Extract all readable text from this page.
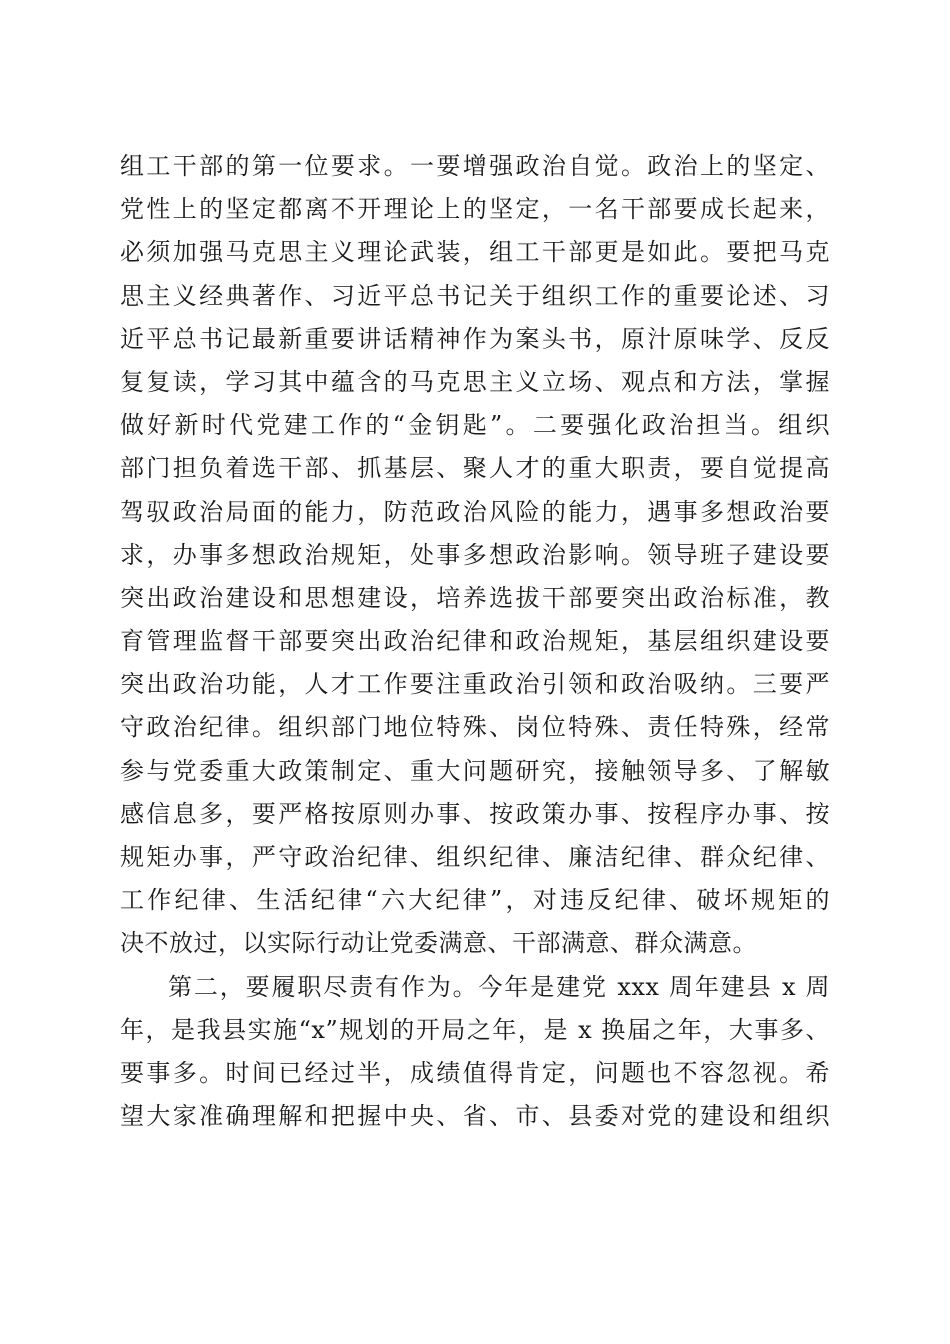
组工干部的第一位要求。一要增强政治自觉。政治上的坚定、
党性上的坚定都离不开理论上的坚定，一名干部要成长起来，
必须加强马克思主义理论武装，组工干部更是如此。要把马克
思主义经典著作、习近平总书记关于组织工作的重要论述、习
近平总书记最新重要讲话精神作为案头书，原汁原味学、反反
复复读，学习其中蕴含的马克思主义立场、观点和方法，掌握
做好新时代党建工作的“金钥匙”。二要强化政治担当。组织
部门担负着选干部、抓基层、聚人才的重大职责，要自觉提高
驾驭政治局面的能力，防范政治风险的能力，遇事多想政治要
求，办事多想政治规矩，处事多想政治影响。领导班子建设要
突出政治建设和思想建设，培养选拔干部要突出政治标准，教
育管理监督干部要突出政治纪律和政治规矩，基层组织建设要
突出政治功能，人才工作要注重政治引领和政治吸纳。三要严
守政治纪律。组织部门地位特殊、岗位特殊、责任特殊，经常
参与党委重大政策制定、重大问题研究，接触领导多、了解敏
感信息多，要严格按原则办事、按政策办事、按程序办事、按
规矩办事，严守政治纪律、组织纪律、廉洁纪律、群众纪律、
工作纪律、生活纪律“六大纪律”，对违反纪律、破坏规矩的
决不放过，以实际行动让党委满意、干部满意、群众满意。
第二，要履职尽责有作为。今年是建党 xxx 周年建县 x 周
年，是我县实施“x”规划的开局之年，是 x 换届之年，大事多、
要事多。时间已经过半，成绩值得肯定，问题也不容忽视。希
望大家准确理解和把握中央、省、市、县委对党的建设和组织
